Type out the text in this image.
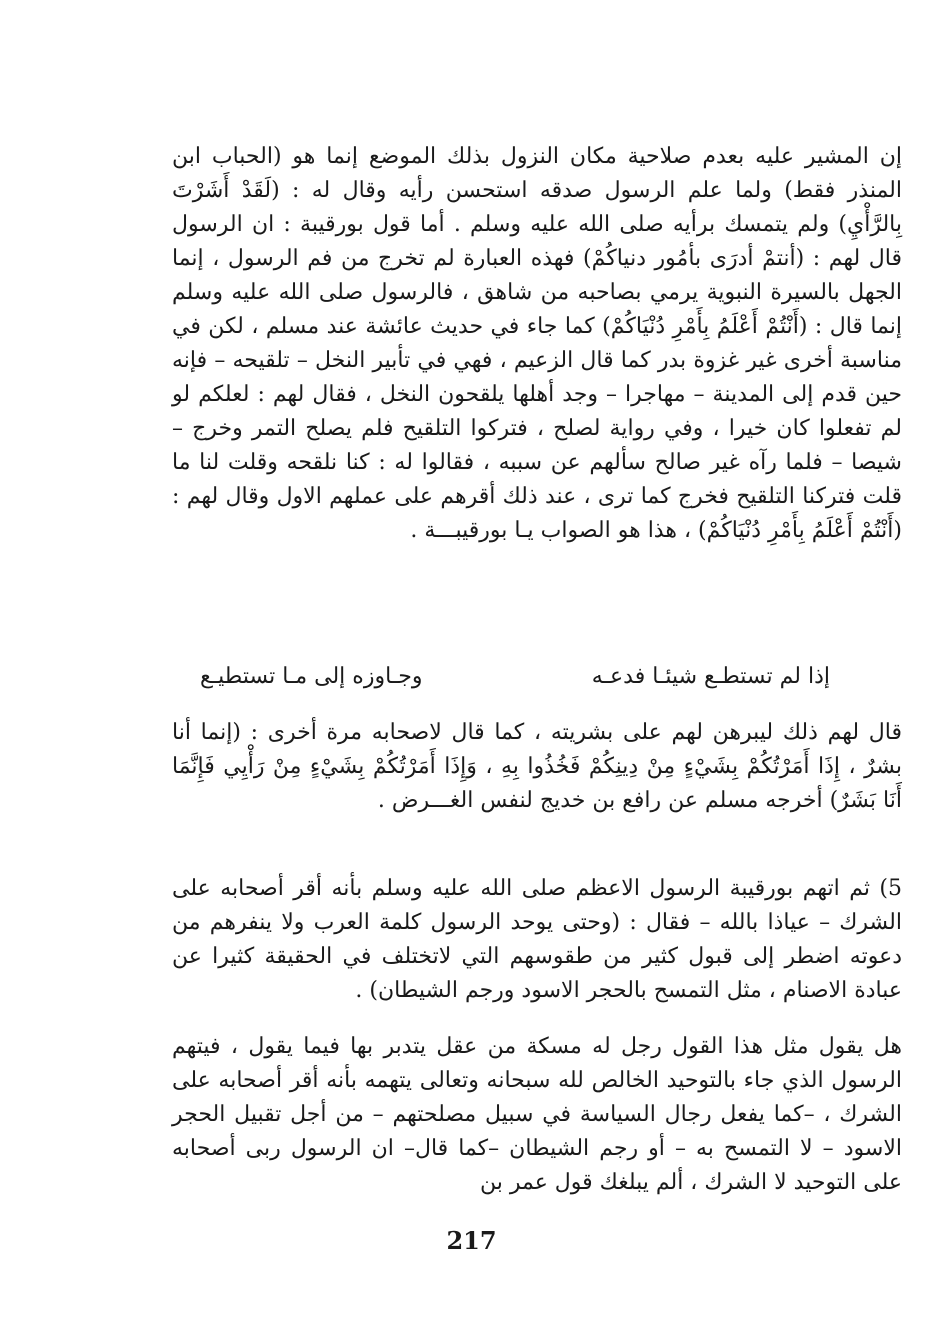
إن المشير عليه بعدم صلاحية مكان النزول بذلك الموضع إنما هو (الحباب ابن المنذر فقط) ولما علم الرسول صدقه استحسن رأيه وقال له : (لَقَدْ أَشَرْتَ بِالرَّأْيِ) ولم يتمسك برأيه صلى الله عليه وسلم . أما قول بورقيبة : ان الرسول قال لهم : (أنتمْ أدرَى بأمُور دنياكُمْ) فهذه العبارة لم تخرج من فم الرسول ، إنما الجهل بالسيرة النبوية يرمي بصاحبه من شاهق ، فالرسول صلى الله عليه وسلم إنما قال : (أَنْتُمْ أَعْلَمُ بِأَمْرِ دُنْيَاكُمْ) كما جاء في حديث عائشة عند مسلم ، لكن في مناسبة أخرى غير غزوة بدر كما قال الزعيم ، فهي في تأبير النخل – تلقيحه – فإنه حين قدم إلى المدينة – مهاجرا – وجد أهلها يلقحون النخل ، فقال لهم : لعلكم لو لم تفعلوا كان خيرا ، وفي رواية لصلح ، فتركوا التلقيح فلم يصلح التمر وخرج – شيصا – فلما رآه غير صالح سألهم عن سببه ، فقالوا له : كنا نلقحه وقلت لنا ما قلت فتركنا التلقيح فخرج كما ترى ، عند ذلك أقرهم على عملهم الاول وقال لهم : (أَنْتُمْ أَعْلَمُ بِأَمْرِ دُنْيَاكُمْ) ، هذا هو الصواب يـا بورقيبـــة .

إذا لم تستطـع شيئـا فدعـه
وجـاوزه إلى مـا تستطيـع

قال لهم ذلك ليبرهن لهم على بشريته ، كما قال لاصحابه مرة أخرى : (إنما أنا بشرٌ ، إِذَا أَمَرْتُكُمْ بِشَيْءٍ مِنْ دِينِكُمْ فَخُذُوا بِهِ ، وَإِذَا أَمَرْتُكُمْ بِشَيْءٍ مِنْ رَأْيِي فَإِنَّمَا أَنَا بَشَرٌ) أخرجه مسلم عن رافع بن خديج لنفس الغـــرض .

5) ثم اتهم بورقيبة الرسول الاعظم صلى الله عليه وسلم بأنه أقر أصحابه على الشرك – عياذا بالله – فقال : (وحتى يوحد الرسول كلمة العرب ولا ينفرهم من دعوته اضطر إلى قبول كثير من طقوسهم التي لاتختلف في الحقيقة كثيرا عن عبادة الاصنام ، مثل التمسح بالحجر الاسود ورجم الشيطان) .

هل يقول مثل هذا القول رجل له مسكة من عقل يتدبر بها فيما يقول ، فيتهم الرسول الذي جاء بالتوحيد الخالص لله سبحانه وتعالى يتهمه بأنه أقر أصحابه على الشرك ، –كما يفعل رجال السياسة في سبيل مصلحتهم – من أجل تقبيل الحجر الاسود – لا التمسح به – أو رجم الشيطان –كما قال– ان الرسول ربى أصحابه على التوحيد لا الشرك ، ألم يبلغك قول عمر بن

217
